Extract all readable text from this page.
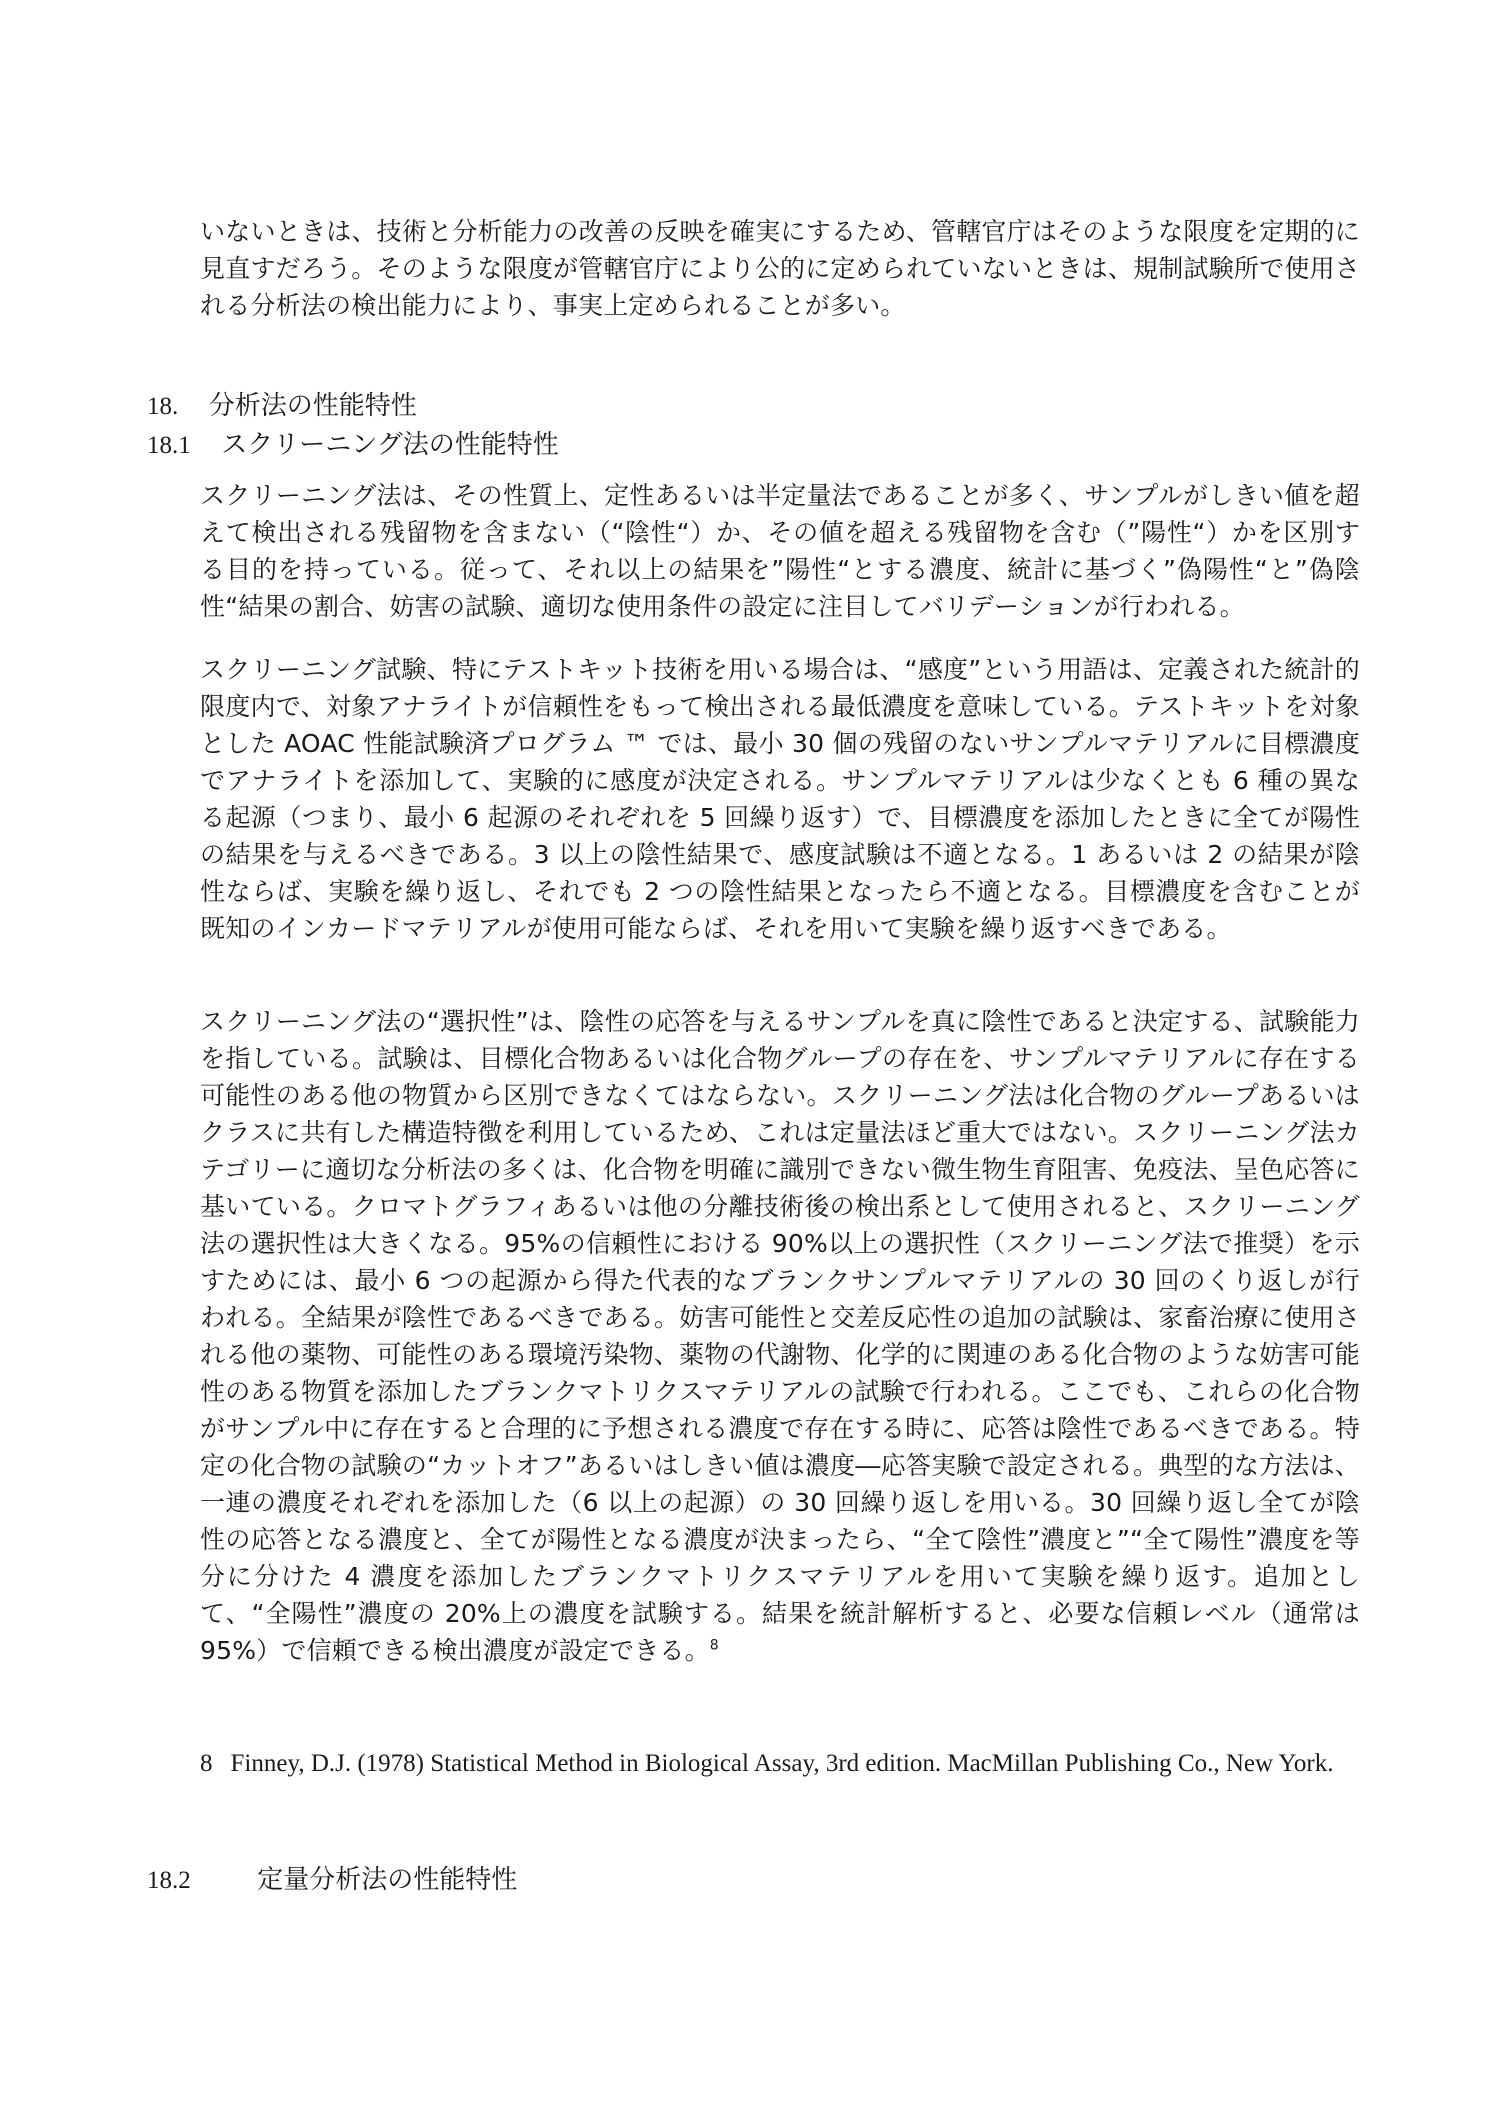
いないときは、技術と分析能力の改善の反映を確実にするため、管轄官庁はそのような限度を定期的に見直すだろう。そのような限度が管轄官庁により公的に定められていないときは、規制試験所で使用される分析法の検出能力により、事実上定められることが多い。

18. 分析法の性能特性
18.1 スクリーニング法の性能特性

スクリーニング法は、その性質上、定性あるいは半定量法であることが多く、サンプルがしきい値を超えて検出される残留物を含まない（“陰性“）か、その値を超える残留物を含む（”陽性“）かを区別する目的を持っている。従って、それ以上の結果を”陽性“とする濃度、統計に基づく”偽陽性“と”偽陰性“結果の割合、妨害の試験、適切な使用条件の設定に注目してバリデーションが行われる。

スクリーニング試験、特にテストキット技術を用いる場合は、“感度”という用語は、定義された統計的限度内で、対象アナライトが信頼性をもって検出される最低濃度を意味している。テストキットを対象とした AOAC 性能試験済プログラム ™ では、最小 30 個の残留のないサンプルマテリアルに目標濃度でアナライトを添加して、実験的に感度が決定される。サンプルマテリアルは少なくとも 6 種の異なる起源（つまり、最小 6 起源のそれぞれを 5 回繰り返す）で、目標濃度を添加したときに全てが陽性の結果を与えるべきである。3 以上の陰性結果で、感度試験は不適となる。1 あるいは 2 の結果が陰性ならば、実験を繰り返し、それでも 2 つの陰性結果となったら不適となる。目標濃度を含むことが既知のインカードマテリアルが使用可能ならば、それを用いて実験を繰り返すべきである。

スクリーニング法の“選択性”は、陰性の応答を与えるサンプルを真に陰性であると決定する、試験能力を指している。試験は、目標化合物あるいは化合物グループの存在を、サンプルマテリアルに存在する可能性のある他の物質から区別できなくてはならない。スクリーニング法は化合物のグループあるいはクラスに共有した構造特徴を利用しているため、これは定量法ほど重大ではない。スクリーニング法カテゴリーに適切な分析法の多くは、化合物を明確に識別できない微生物生育阻害、免疫法、呈色応答に基いている。クロマトグラフィあるいは他の分離技術後の検出系として使用されると、スクリーニング法の選択性は大きくなる。95%の信頼性における 90%以上の選択性（スクリーニング法で推奨）を示すためには、最小 6 つの起源から得た代表的なブランクサンプルマテリアルの 30 回のくり返しが行われる。全結果が陰性であるべきである。妨害可能性と交差反応性の追加の試験は、家畜治療に使用される他の薬物、可能性のある環境汚染物、薬物の代謝物、化学的に関連のある化合物のような妨害可能性のある物質を添加したブランクマトリクスマテリアルの試験で行われる。ここでも、これらの化合物がサンプル中に存在すると合理的に予想される濃度で存在する時に、応答は陰性であるべきである。特定の化合物の試験の“カットオフ”あるいはしきい値は濃度―応答実験で設定される。典型的な方法は、一連の濃度それぞれを添加した（6 以上の起源）の 30 回繰り返しを用いる。30 回繰り返し全てが陰性の応答となる濃度と、全てが陽性となる濃度が決まったら、“全て陰性”濃度と”“全て陽性”濃度を等分に分けた 4 濃度を添加したブランクマトリクスマテリアルを用いて実験を繰り返す。追加として、“全陽性”濃度の 20%上の濃度を試験する。結果を統計解析すると、必要な信頼レベル（通常は 95%）で信頼できる検出濃度が設定できる。$^8$

8 Finney, D.J. (1978) Statistical Method in Biological Assay, 3rd edition. MacMillan Publishing Co., New York.

18.2	定量分析法の性能特性
